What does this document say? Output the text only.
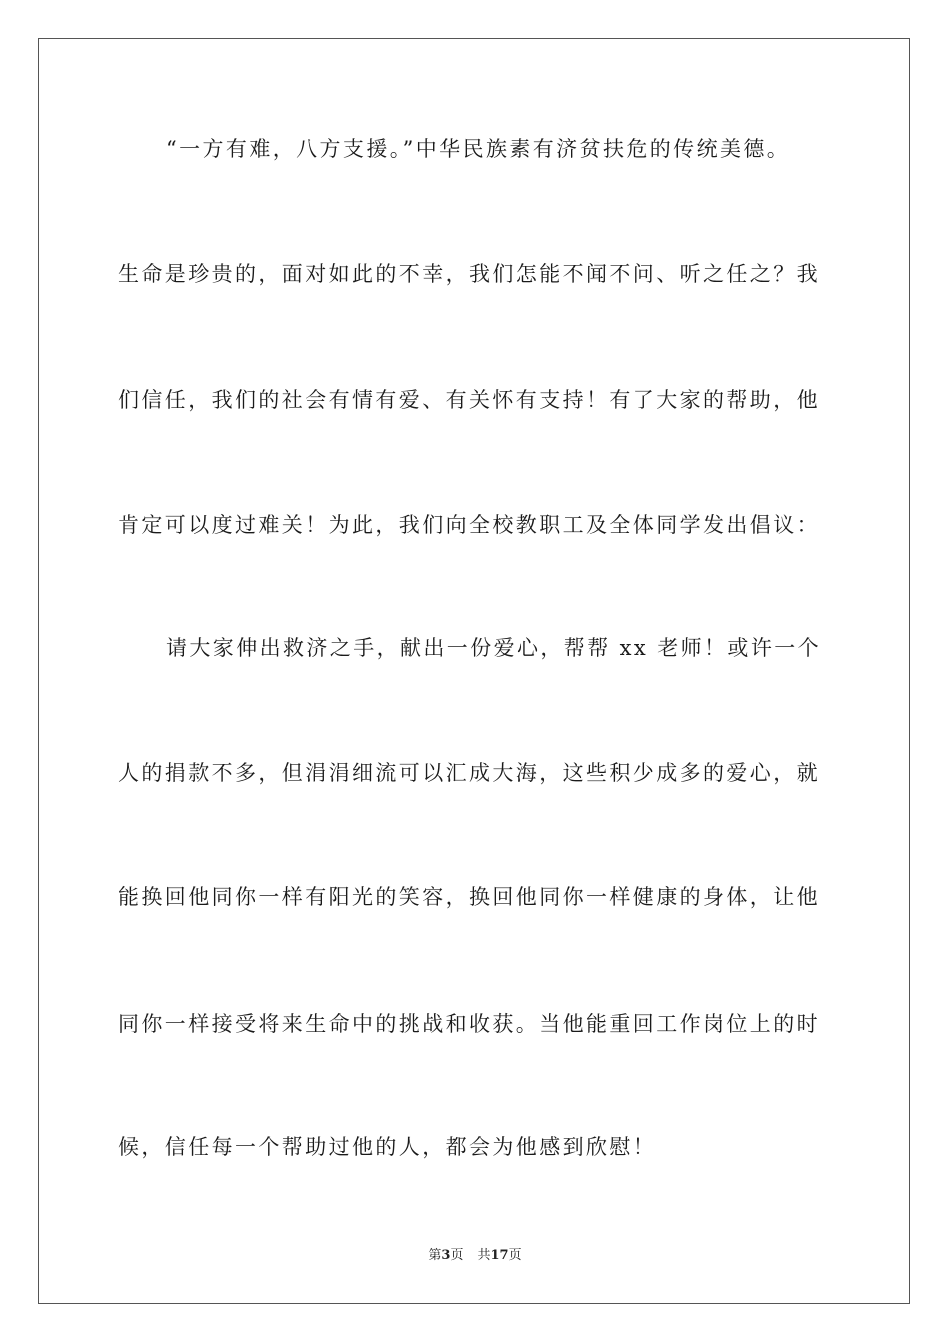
“一方有难，八方支援。”中华民族素有济贫扶危的传统美德。
生命是珍贵的，面对如此的不幸，我们怎能不闻不问、听之任之？我
们信任，我们的社会有情有爱、有关怀有支持！有了大家的帮助，他
肯定可以度过难关！为此，我们向全校教职工及全体同学发出倡议：
请大家伸出救济之手，献出一份爱心，帮帮 xx 老师！或许一个
人的捐款不多，但涓涓细流可以汇成大海，这些积少成多的爱心，就
能换回他同你一样有阳光的笑容，换回他同你一样健康的身体，让他
同你一样接受将来生命中的挑战和收获。当他能重回工作岗位上的时
候，信任每一个帮助过他的人，都会为他感到欣慰！
第3页 共17页
